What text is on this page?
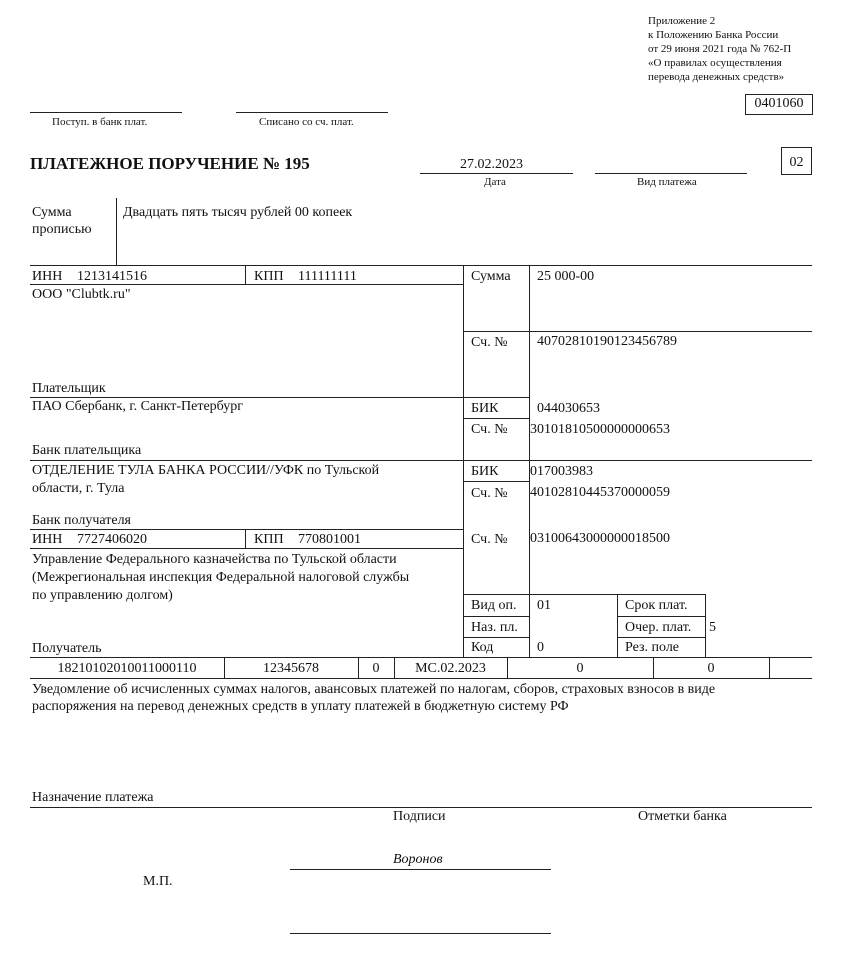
Приложение 2
к Положению Банка России
от 29 июня 2021 года № 762-П
«О правилах осуществления
перевода денежных средств»
0401060
Поступ. в банк плат.	Списано со сч. плат.
ПЛАТЕЖНОЕ ПОРУЧЕНИЕ № 195	27.02.2023
Дата	Вид платежа
02
Сумма
прописью
Двадцать пять тысяч рублей 00 копеек
ИНН 1213141516	КПП 111111111
ООО "Clubtk.ru"
Плательщик
Сумма 25 000-00
Сч. № 40702810190123456789
ПАО Сбербанк, г. Санкт-Петербург	БИК	044030653
Сч. № 30101810500000000653
Банк плательщика
ОТДЕЛЕНИЕ ТУЛА БАНКА РОССИИ//УФК по Тульской
области, г. Тула
БИК 017003983
Сч. № 40102810445370000059
Банк получателя
ИНН 7727406020	КПП 770801001	Сч. № 03100643000000018500
Управление Федерального казначейства по Тульской области
(Межрегиональная инспекция Федеральной налоговой службы
по управлению долгом)
Получатель
Вид оп. 01	Срок плат.
Наз. пл.	Очер. плат. 5
Код	0	Рез. поле
18210102010011000110	12345678	0	МС.02.2023	0	0
Уведомление об исчисленных суммах налогов, авансовых платежей по налогам, сборов, страховых взносов в виде
распоряжения на перевод денежных средств в уплату платежей в бюджетную систему РФ
Назначение платежа
Подписи	Отметки банка
Воронов
М.П.
